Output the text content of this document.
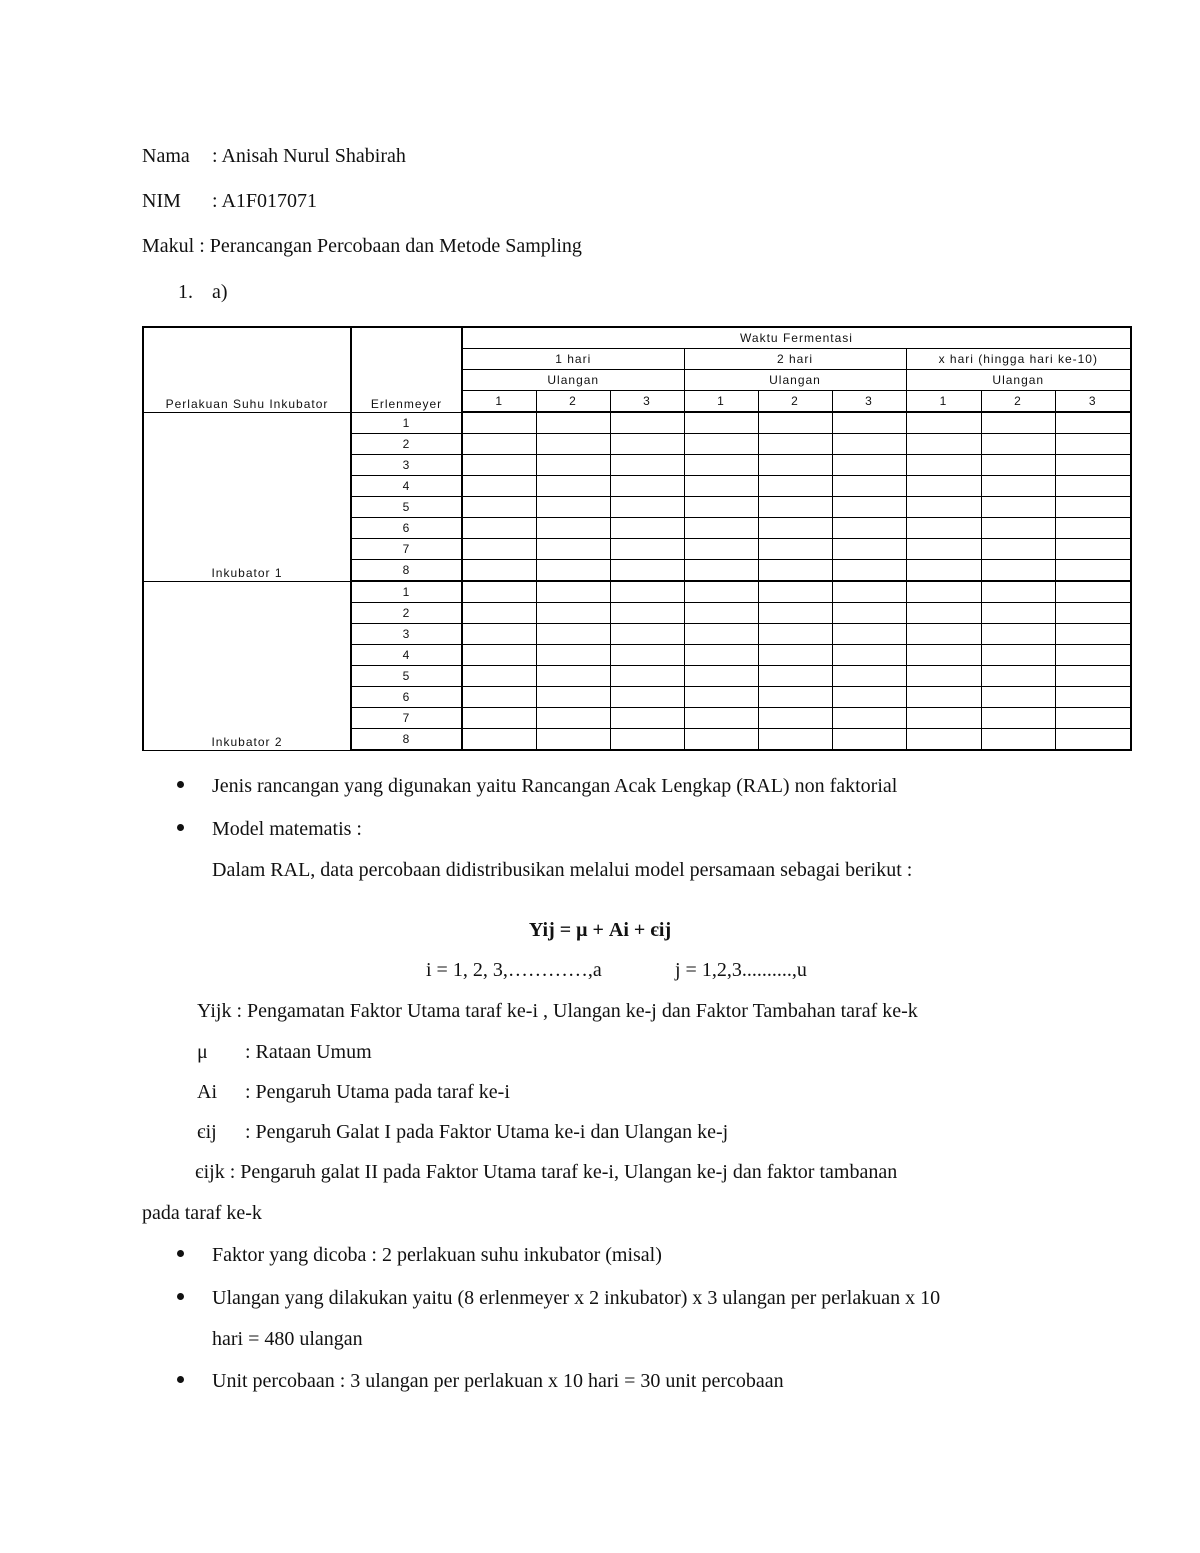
Nama : Anisah Nurul Shabirah
NIM : A1F017071
Makul : Perancangan Percobaan dan Metode Sampling
1. a)
Perlakuan Suhu Inkubator	Erlenmeyer	Waktu Fermentasi								
		1 hari			2 hari			x hari (hingga hari ke-10)		
		Ulangan			Ulangan			Ulangan		
		1	2	3	1	2	3	1	2	3
Inkubator 1	1									
	2									
	3									
	4									
	5									
	6									
	7									
	8									
Inkubator 2	1									
	2									
	3									
	4									
	5									
	6									
	7									
	8									
Jenis rancangan yang digunakan yaitu Rancangan Acak Lengkap (RAL) non faktorial
Model matematis :
Dalam RAL, data percobaan didistribusikan melalui model persamaan sebagai berikut :
Yij = μ + Ai + єij
i = 1, 2, 3,…………,a	j = 1,2,3..........,u
Yijk : Pengamatan Faktor Utama taraf ke-i , Ulangan ke-j dan Faktor Tambahan taraf ke-k
μ : Rataan Umum
Ai : Pengaruh Utama pada taraf ke-i
єij : Pengaruh Galat I pada Faktor Utama ke-i dan Ulangan ke-j
єijk : Pengaruh galat II pada Faktor Utama taraf ke-i, Ulangan ke-j dan faktor tambanan
pada taraf ke-k
Faktor yang dicoba : 2 perlakuan suhu inkubator (misal)
Ulangan yang dilakukan yaitu (8 erlenmeyer x 2 inkubator) x 3 ulangan per perlakuan x 10
hari = 480 ulangan
Unit percobaan : 3 ulangan per perlakuan x 10 hari = 30 unit percobaan
